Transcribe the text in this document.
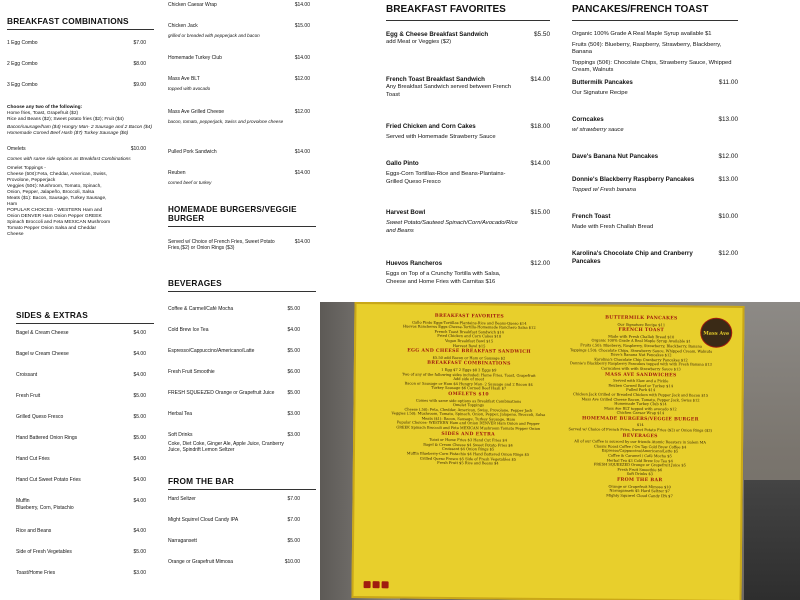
BREAKFAST COMBINATIONS
1 Egg Combo	$7.00
2 Egg Combo	$8.00
3 Egg Combo	$9.00
Choose any two of the following:
Home fries, Toast, Grapefruit ($2)
Rice and Beans ($2); Sweet potato fries ($2); Fruit ($4)
Bacon/sausage/ham ($4) Hungry Man- 2 Sausage and 2 Bacon ($4) Homemade Corned Beef Hash ($7) Turkey Sausage ($6)
Omelets	$10.00
Comes with same side options as Breakfast Combinations
Omelet Toppings -
Cheese (50¢):Feta, Cheddar, American, Swiss,
Provolone, Pepperjack
Veggies (50¢): Mushroom, Tomato, Spinach,
Onion, Pepper, Jalapeño, Broccoli, Salsa
Meats ($1): Bacon, Sausage, Turkey Sausage,
Ham
POPULAR CHOICES - WESTERN Ham and
Onion DENVER Ham Onion Pepper GREEK
Spinach Broccoli and Feta MEXICAN Mushroom
Tomato Pepper Onion Salsa and Cheddar
Cheese
SIDES & EXTRAS
Bagel & Cream Cheese	$4.00
Bagel w Cream Cheese	$4.00
Croissant	$4.00
Fresh Fruit	$5.00
Grilled Queso Fresco	$5.00
Hand Battered Onion Rings	$5.00
Hand Cut Fries	$4.00
Hand Cut Sweet Potato Fries	$4.00
Muffin	$4.00
Blueberry, Corn, Pistachio
Rice and Beans	$4.00
Side of Fresh Vegetables	$5.00
Toast/Home Fries	$3.00
Chicken Caesar Wrap	$14.00
Chicken Jack	$15.00
grilled or breaded with pepperjack and bacon
Homemade Turkey Club	$14.00
Mass Ave BLT	$12.00
topped with avocado
Mass Ave Grilled Cheese	$12.00
bacon, tomato, pepperjack, Swiss and provolone cheese
Pulled Pork Sandwich	$14.00
Reuben	$14.00
corned beef or turkey
HOMEMADE BURGERS/VEGGIE BURGER
Served w/ Choice of French Fries, Sweet Potato Fries,($2) or Onion Rings ($3)
$14.00
BEVERAGES
Coffee & Carmel/Café Mocha	$5.00
Cold Brew Ice Tea	$4.00
Espresso/Cappuccino/Americano/Latte	$5.00
Fresh Fruit Smoothie	$6.00
FRESH SQUEEZED Orange or Grapefruit Juice	$5.00
Herbal Tea	$3.00
Soft Drinks	$3.00
Coke, Diet Coke, Ginger Ale, Apple Juice, Cranberry Juice, Spindrift Lemon Seltzer
FROM THE BAR
Hard Seltzer	$7.00
Might Squirrel Cloud Candy IPA	$7.00
Narragansett	$5.00
Orange or Grapefruit Mimosa	$10.00
BREAKFAST FAVORITES
Egg & Cheese Breakfast Sandwich	$5.50
add Meat or Veggies ($2)
French Toast Breakfast Sandwich	$14.00
Any Breakfast Sandwich served between French Toast
Fried Chicken and Corn Cakes	$18.00
Served with Homemade Strawberry Sauce
Gallo Pinto	$14.00
Eggs-Corn Tortillas-Rice and Beans-Plantains-Grilled Queso Fresco
Harvest Bowl	$15.00
Sweet Potato/Sauteed Spinach/Corn/Avocado/Rice and Beans
Huevos Rancheros	$12.00
Eggs on Top of a Crunchy Tortilla with Salsa, Cheese and Home Fries with Carnitas $16
PANCAKES/FRENCH TOAST
Organic 100% Grade A Real Maple Syrup available $1
Fruits (50¢): Blueberry, Raspberry, Strawberry, Blackberry, Banana
Toppings (50¢): Chocolate Chips, Strawberry Sauce, Whipped Cream, Walnuts
Buttermilk Pancakes	$11.00
Our Signature Recipe
Corncakes	$13.00
w/ strawberry sauce
Dave's Banana Nut Pancakes	$12.00
Donnie's Blackberry Raspberry Pancakes	$13.00
Topped w/ Fresh banana
French Toast	$10.00
Made with Fresh Challah Bread
Karolina's Chocolate Chip and Cranberry Pancakes
$12.00
BREAKFAST FAVORITES
Gallo Pinto Eggs-Tortillas-Plantains-Rice and Beans-Queso $14
Huevos Rancheros Eggs-Cheese-Tortilla-Homemade Ranchero Salsa $12
French Toast Breakfast Sandwich $14
Fried Chicken and Corn Cakes $18
Vegan Breakfast Bowl $15
Harvest Bowl $15
EGG AND CHEESE BREAKFAST SANDWICH
$5.50 add Bacon or Ham or Sausage $2
BREAKFAST COMBINATIONS
1 Egg $7 2 Eggs $8 3 Eggs $9
Two of any of the following sides included: Home Fries, Toast, Grapefruit
Add side of meat
Bacon or Sausage or Ham $4 Hungry Man- 2 Sausage and 2 Bacon $4
Turkey Sausage $6 Corned Beef Hash $7
OMELETS $10
Comes with same side options as Breakfast Combinations
Omelet Toppings
Cheese (.50): Feta, Cheddar, American, Swiss, Provolone, Pepper Jack
Veggies (.50): Mushroom, Tomato, Spinach, Onion, Pepper, Jalapeno, Broccoli, Salsa
Meats ($1): Bacon, Sausage, Turkey Sausage, Ham
Popular Choices- WESTERN Ham and Onion DENVER Ham Onion and Pepper
GREEK Spinach Broccoli and Feta MEXICAN Mushroom Tomato Pepper Onion
SIDES AND EXTRA
Toast or Home Fries $3 Hand Cut Fries $4
Bagel & Cream Cheese $4 Sweet Potato Fries $4
Croissant $4 Onion Rings $5
Muffin Blueberry-Corn-Pistachio $4 Hand Battered Onion Rings $5
Grilled Queso Fresco $5 Side of Fresh Vegetables $5
Fresh Fruit $5 Rice and Beans $4
BUTTERMILK PANCAKES
Our Signature Recipe $11
FRENCH TOAST
Made with Fresh Challah Bread $10
Organic 100% Grade A Real Maple Syrup Available $1
Fruits (.50): Blueberry, Raspberry, Strawberry, Blackberry, Banana
Toppings (.50): Chocolate Chips, Strawberry Sauce, Whipped Cream, Walnuts
Dave's Banana Nut Pancakes $12
Karolina's Chocolate Chip Cranberry Pancakes $12
Donnie's Blackberry Raspberry Pancakes topped with with Fresh Banana $13
Corncakes with with Strawberry Sauce $13
MASS AVE SANDWICHES
Served with Slaw and a Pickle
Reuben Corned Beef or Turkey $14
Pulled Pork $14
Chicken Jack Grilled or Breaded Chicken with Pepper Jack and Bacon $15
Mass Ave Grilled Cheese Bacon, Tomato, Pepper Jack, Swiss $12
Homemade Turkey Club $14
Mass Ave BLT topped with avocado $12
Chicken Caesar Wrap $14
HOMEMADE BURGERS/VEGGIE BURGER
$14
Served w/ Choice of French Fries, Sweet Potato Fries ($2) or Onion Rings ($3)
BEVERAGES
All of our Coffee is sourced by our friends Atomic Roasters in Salem MA
Classic Roast Coffee / On Tap Cold Brew Coffee $4
Espresso/Cappuccino/Americano/Latte $5
Coffee & Caramel / Café Mocha $5
Herbal Tea $3 Cold Brew Ice Tea $4
FRESH SQUEEZED Orange or Grapefruit Juice $5
Fresh Fruit Smoothie $6
Soft Drinks $3
FROM THE BAR
Orange or Grapefruit Mimosa $10
Narragansett $5 Hard Seltzer $7
Mighty Squirrel Cloud Candy IPA $7
Mass Ave
